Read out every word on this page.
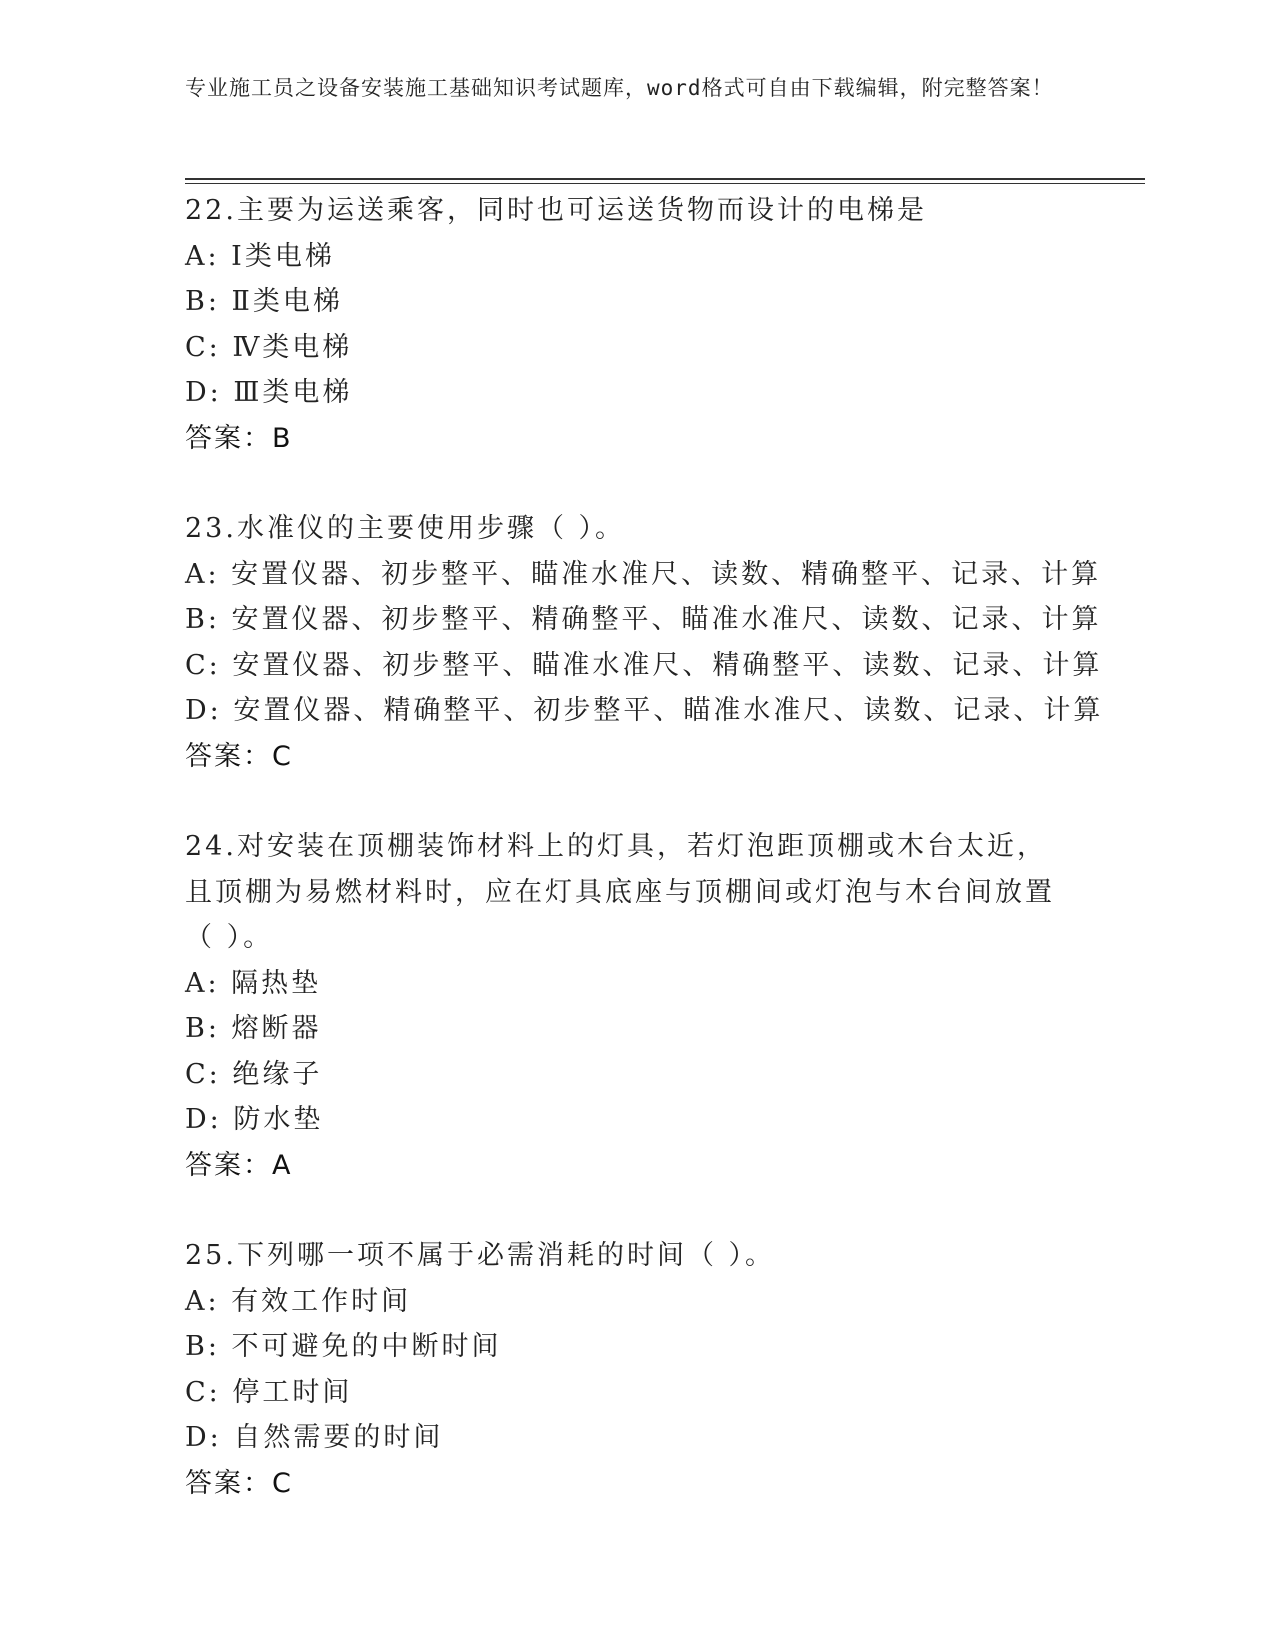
专业施工员之设备安装施工基础知识考试题库，word格式可自由下载编辑，附完整答案！
22.主要为运送乘客，同时也可运送货物而设计的电梯是
A: Ⅰ类电梯
B: Ⅱ类电梯
C: Ⅳ类电梯
D: Ⅲ类电梯
答案：B
23.水准仪的主要使用步骤（ ）。
A: 安置仪器、初步整平、瞄准水准尺、读数、精确整平、记录、计算
B: 安置仪器、初步整平、精确整平、瞄准水准尺、读数、记录、计算
C: 安置仪器、初步整平、瞄准水准尺、精确整平、读数、记录、计算
D: 安置仪器、精确整平、初步整平、瞄准水准尺、读数、记录、计算
答案：C
24.对安装在顶棚装饰材料上的灯具，若灯泡距顶棚或木台太近，且顶棚为易燃材料时，应在灯具底座与顶棚间或灯泡与木台间放置（ ）。
A: 隔热垫
B: 熔断器
C: 绝缘子
D: 防水垫
答案：A
25.下列哪一项不属于必需消耗的时间（ ）。
A: 有效工作时间
B: 不可避免的中断时间
C: 停工时间
D: 自然需要的时间
答案：C
